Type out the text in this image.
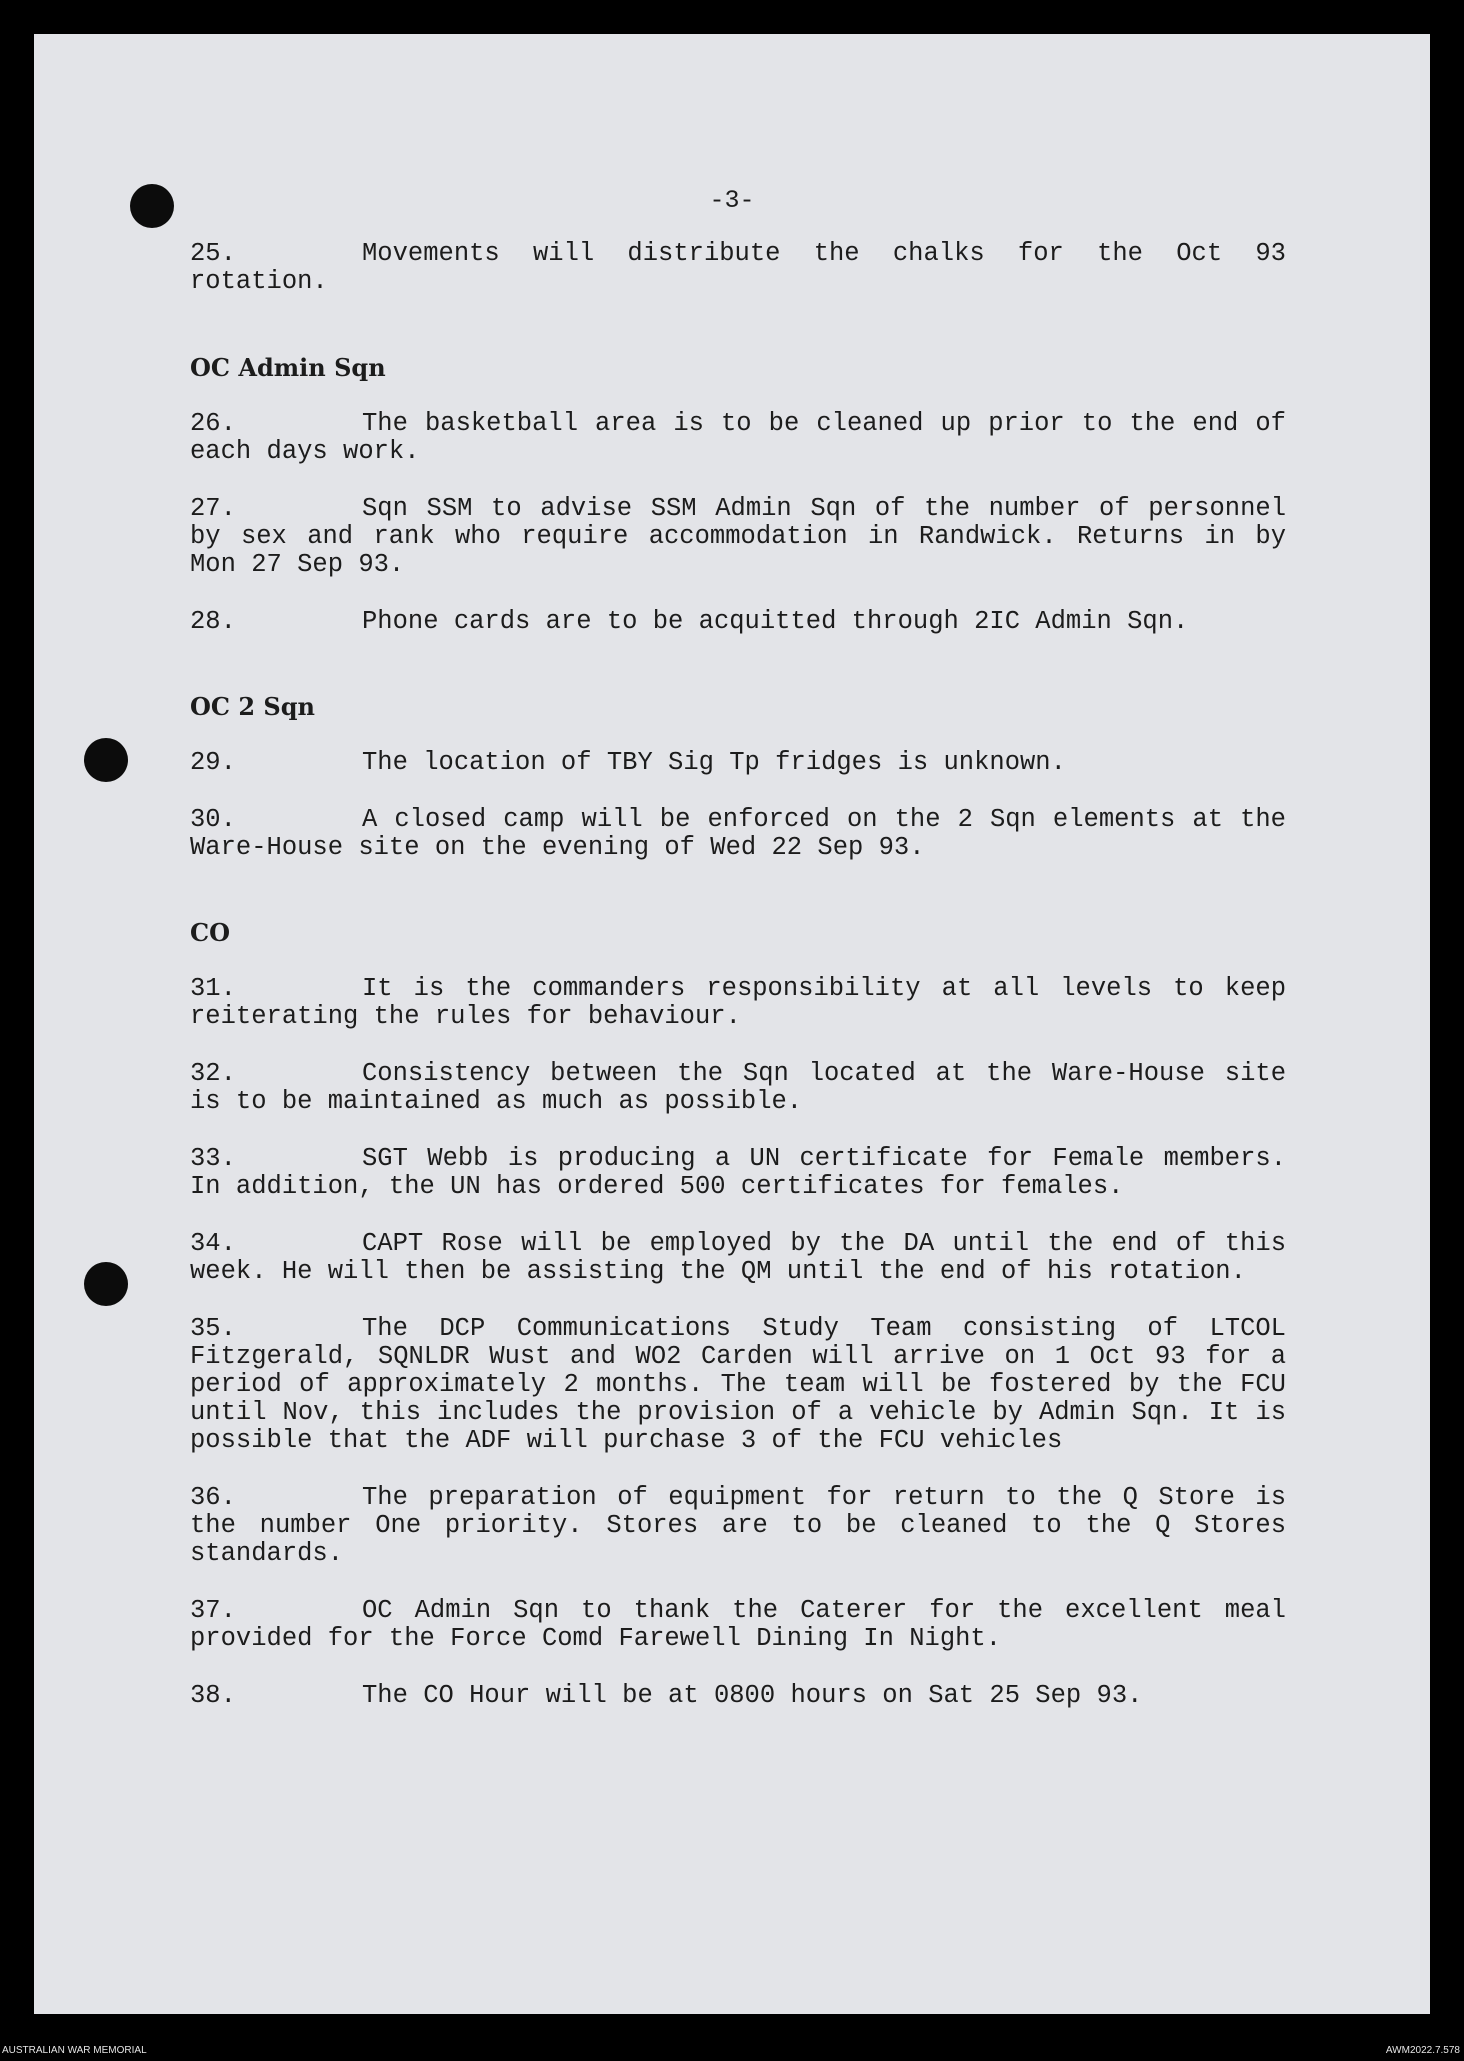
-3-

25.	Movements will distribute the chalks for the Oct 93 rotation.

OC Admin Sqn

26.	The basketball area is to be cleaned up prior to the end of each days work.

27.	Sqn SSM to advise SSM Admin Sqn of the number of personnel by sex and rank who require accommodation in Randwick. Returns in by Mon 27 Sep 93.

28.	Phone cards are to be acquitted through 2IC Admin Sqn.

OC 2 Sqn

29.	The location of TBY Sig Tp fridges is unknown.

30.	A closed camp will be enforced on the 2 Sqn elements at the Ware-House site on the evening of Wed 22 Sep 93.

CO

31.	It is the commanders responsibility at all levels to keep reiterating the rules for behaviour.

32.	Consistency between the Sqn located at the Ware-House site is to be maintained as much as possible.

33.	SGT Webb is producing a UN certificate for Female members. In addition, the UN has ordered 500 certificates for females.

34.	CAPT Rose will be employed by the DA until the end of this week. He will then be assisting the QM until the end of his rotation.

35.	The DCP Communications Study Team consisting of LTCOL Fitzgerald, SQNLDR Wust and WO2 Carden will arrive on 1 Oct 93 for a period of approximately 2 months. The team will be fostered by the FCU until Nov, this includes the provision of a vehicle by Admin Sqn. It is possible that the ADF will purchase 3 of the FCU vehicles

36.	The preparation of equipment for return to the Q Store is the number One priority. Stores are to be cleaned to the Q Stores standards.

37.	OC Admin Sqn to thank the Caterer for the excellent meal provided for the Force Comd Farewell Dining In Night.

38.	The CO Hour will be at 0800 hours on Sat 25 Sep 93.

AUSTRALIAN WAR MEMORIAL	AWM2022.7.578
